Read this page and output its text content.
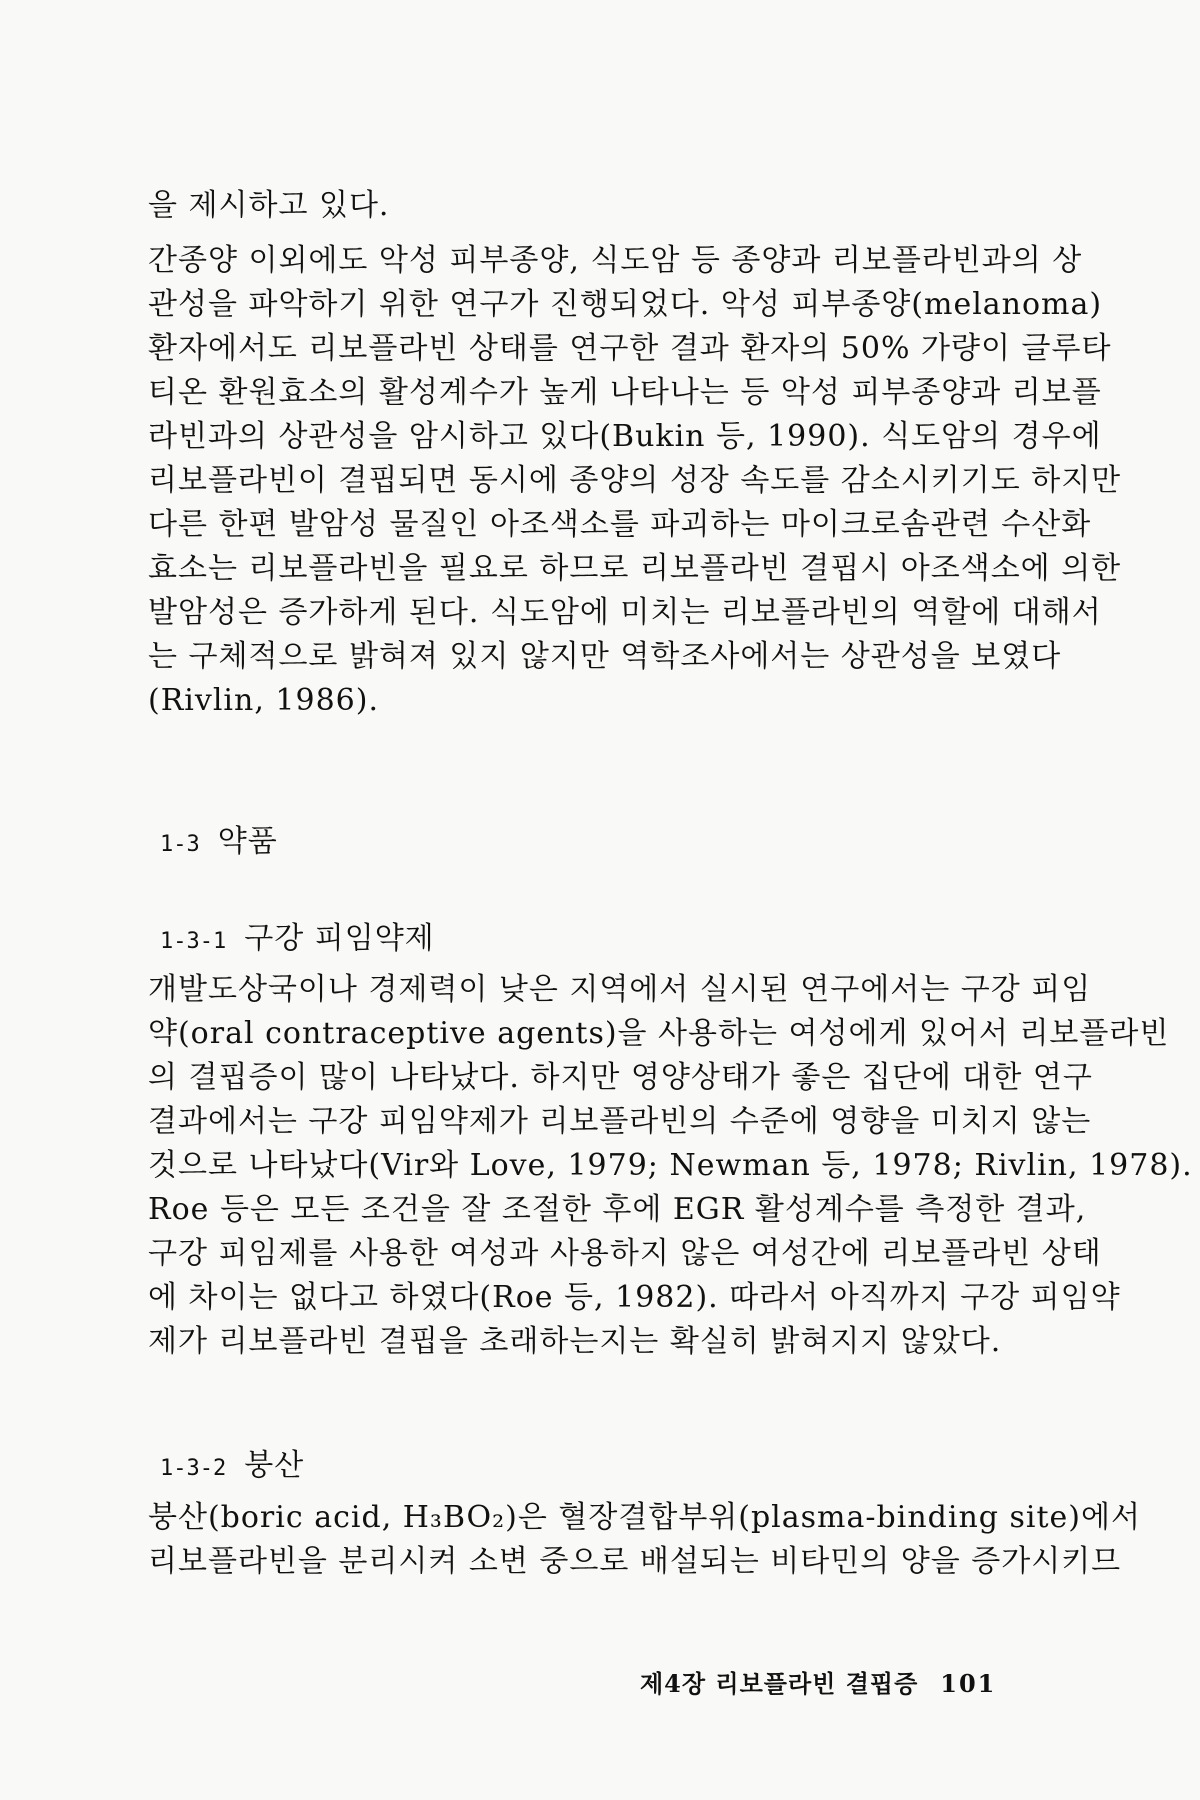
을 제시하고 있다.
간종양 이외에도 악성 피부종양, 식도암 등 종양과 리보플라빈과의 상
관성을 파악하기 위한 연구가 진행되었다. 악성 피부종양(melanoma)
환자에서도 리보플라빈 상태를 연구한 결과 환자의 50% 가량이 글루타
티온 환원효소의 활성계수가 높게 나타나는 등 악성 피부종양과 리보플
라빈과의 상관성을 암시하고 있다(Bukin 등, 1990). 식도암의 경우에
리보플라빈이 결핍되면 동시에 종양의 성장 속도를 감소시키기도 하지만
다른 한편 발암성 물질인 아조색소를 파괴하는 마이크로솜관련 수산화
효소는 리보플라빈을 필요로 하므로 리보플라빈 결핍시 아조색소에 의한
발암성은 증가하게 된다. 식도암에 미치는 리보플라빈의 역할에 대해서
는 구체적으로 밝혀져 있지 않지만 역학조사에서는 상관성을 보였다
(Rivlin, 1986).
1-3 약품
1-3-1 구강 피임약제
개발도상국이나 경제력이 낮은 지역에서 실시된 연구에서는 구강 피임
약(oral contraceptive agents)을 사용하는 여성에게 있어서 리보플라빈
의 결핍증이 많이 나타났다. 하지만 영양상태가 좋은 집단에 대한 연구
결과에서는 구강 피임약제가 리보플라빈의 수준에 영향을 미치지 않는
것으로 나타났다(Vir와 Love, 1979; Newman 등, 1978; Rivlin, 1978).
Roe 등은 모든 조건을 잘 조절한 후에 EGR 활성계수를 측정한 결과,
구강 피임제를 사용한 여성과 사용하지 않은 여성간에 리보플라빈 상태
에 차이는 없다고 하였다(Roe 등, 1982). 따라서 아직까지 구강 피임약
제가 리보플라빈 결핍을 초래하는지는 확실히 밝혀지지 않았다.
1-3-2 붕산
붕산(boric acid, H₃BO₂)은 혈장결합부위(plasma-binding site)에서
리보플라빈을 분리시켜 소변 중으로 배설되는 비타민의 양을 증가시키므
제4장 리보플라빈 결핍증 101
